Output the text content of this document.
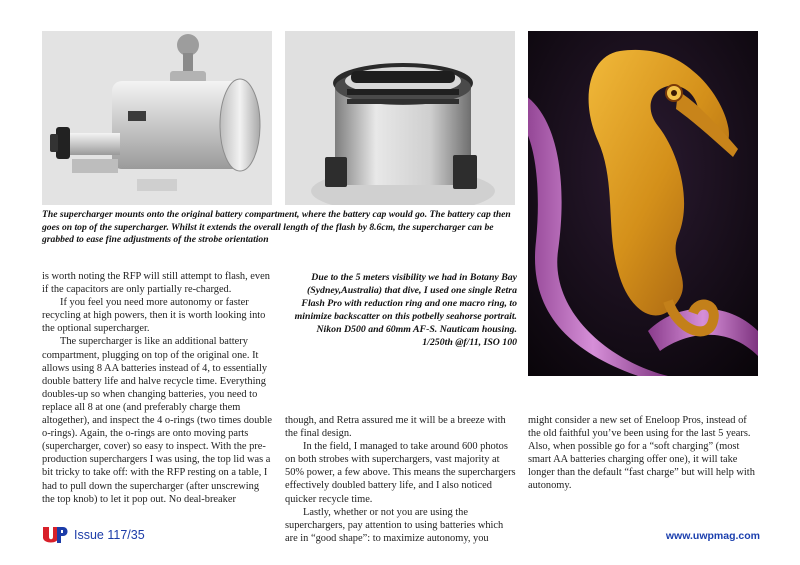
The supercharger mounts onto the original battery compartment, where the battery cap would go. The battery cap then goes on top of the supercharger. Whilst it extends the overall length of the flash by 8.6cm, the supercharger can be grabbed to ease fine adjustments of the strobe orientation

is worth noting the RFP will still attempt to flash, even if the capacitors are only partially re-charged.

If you feel you need more autonomy or faster recycling at high powers, then it is worth looking into the optional supercharger.

The supercharger is like an additional battery compartment, plugging on top of the original one. It allows using 8 AA batteries instead of 4, to essentially double battery life and halve recycle time. Everything doubles-up so when changing batteries, you need to replace all 8 at one (and preferably charge them altogether), and inspect the 4 o-rings (two times double o-rings). Again, the o-rings are onto moving parts (supercharger, cover) so easy to inspect. With the pre-production superchargers I was using, the top lid was a bit tricky to take off: with the RFP resting on a table, I had to pull down the supercharger (after unscrewing the top knob) to let it pop out. No deal-breaker

Due to the 5 meters visibility we had in Botany Bay (Sydney,Australia) that dive, I used one single Retra Flash Pro with reduction ring and one macro ring, to minimize backscatter on this potbelly seahorse portrait. Nikon D500 and 60mm AF-S. Nauticam housing. 1/250th @f/11, ISO 100

though, and Retra assured me it will be a breeze with the final design.

In the field, I managed to take around 600 photos on both strobes with superchargers, vast majority at 50% power, a few above. This means the superchargers effectively doubled battery life, and I also noticed quicker recycle time.

Lastly, whether or not you are using the superchargers, pay attention to using batteries which are in “good shape”: to maximize autonomy, you

might consider a new set of Eneloop Pros, instead of the old faithful you’ve been using for the last 5 years. Also, when possible go for a “soft charging” (most smart AA batteries charging offer one), it will take longer than the default “fast charge” but will help with autonomy.

Issue 117/35	www.uwpmag.com
